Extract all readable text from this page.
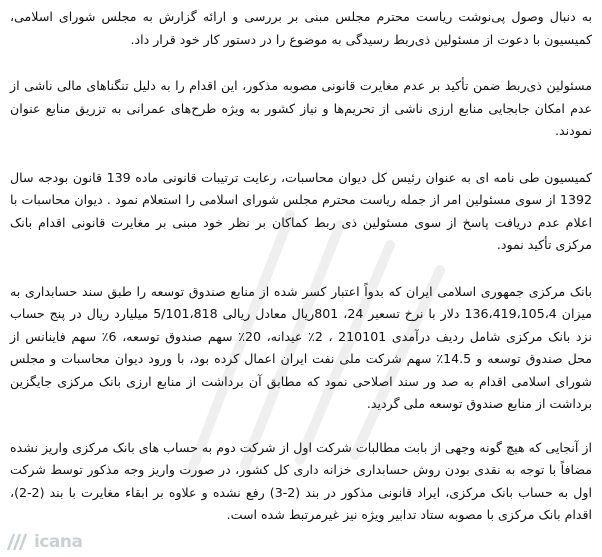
به دنبال وصول پی‌نوشت ریاست محترم مجلس مبنی بر بررسی و ارائه گزارش به مجلس شورای اسلامی، کمیسیون با دعوت از مسئولین ذی‌ربط رسیدگی به موضوع را در دستور کار خود قرار داد.

مسئولین ذی‌ربط ضمن تأکید بر عدم مغایرت قانونی مصوبه مذکور، این اقدام را به دلیل تنگناهای مالی ناشی از عدم امکان جابجایی منابع ارزی ناشی از تحریم‌ها و نیاز کشور به ویژه طرح‌های عمرانی به تزریق منابع عنوان نمودند.

کمیسیون طی نامه ای به عنوان رئیس کل دیوان محاسبات، رعایت ترتیبات قانونی ماده 139 قانون بودجه سال 1392 از سوی مسئولین امر از جمله ریاست محترم مجلس شورای اسلامی را استعلام نمود . دیوان محاسبات با اعلام عدم دریافت پاسخ از سوی مسئولین ذی ربط کماکان بر نظر خود مبنی بر مغایرت قانونی اقدام بانک مرکزی تأکید نمود.

بانک مرکزی جمهوری اسلامی ایران که بدواً اعتبار کسر شده از منابع صندوق توسعه را طبق سند حسابداری به میزان 136،419،105،4 دلار با نرخ تسعیر 24، 801ریال معادل ریالی 5/101،818 میلیارد ریال در پنج حساب نزد بانک مرکزی شامل ردیف درآمدی 210101 ، 2٪ عیدانه، 20٪ سهم صندوق توسعه، 6٪ سهم فاینانس از محل صندوق توسعه و 14.5٪ سهم شرکت ملی نفت ایران اعمال کرده بود، با ورود دیوان محاسبات و مجلس شورای اسلامی اقدام به صد ور سند اصلاحی نمود که مطابق آن برداشت از منابع ارزی بانک مرکزی جایگزین برداشت از منابع صندوق توسعه ملی گردید.

از آنجایی که هیچ گونه وجهی از بابت مطالبات شرکت اول از شرکت دوم به حساب های بانک مرکزی واریز نشده مضافاً با توجه به نقدی بودن روش حسابداری خزانه داری کل کشور، در صورت واریز وجه مذکور توسط شرکت اول به حساب بانک مرکزی، ایراد قانونی مذکور در بند (2-3) رفع نشده و علاوه بر ابقاء مغایرت با بند (2-2)، اقدام بانک مرکزی با مصوبه ستاد تدابیر ویژه نیز غیرمرتبط شده است.

icana
